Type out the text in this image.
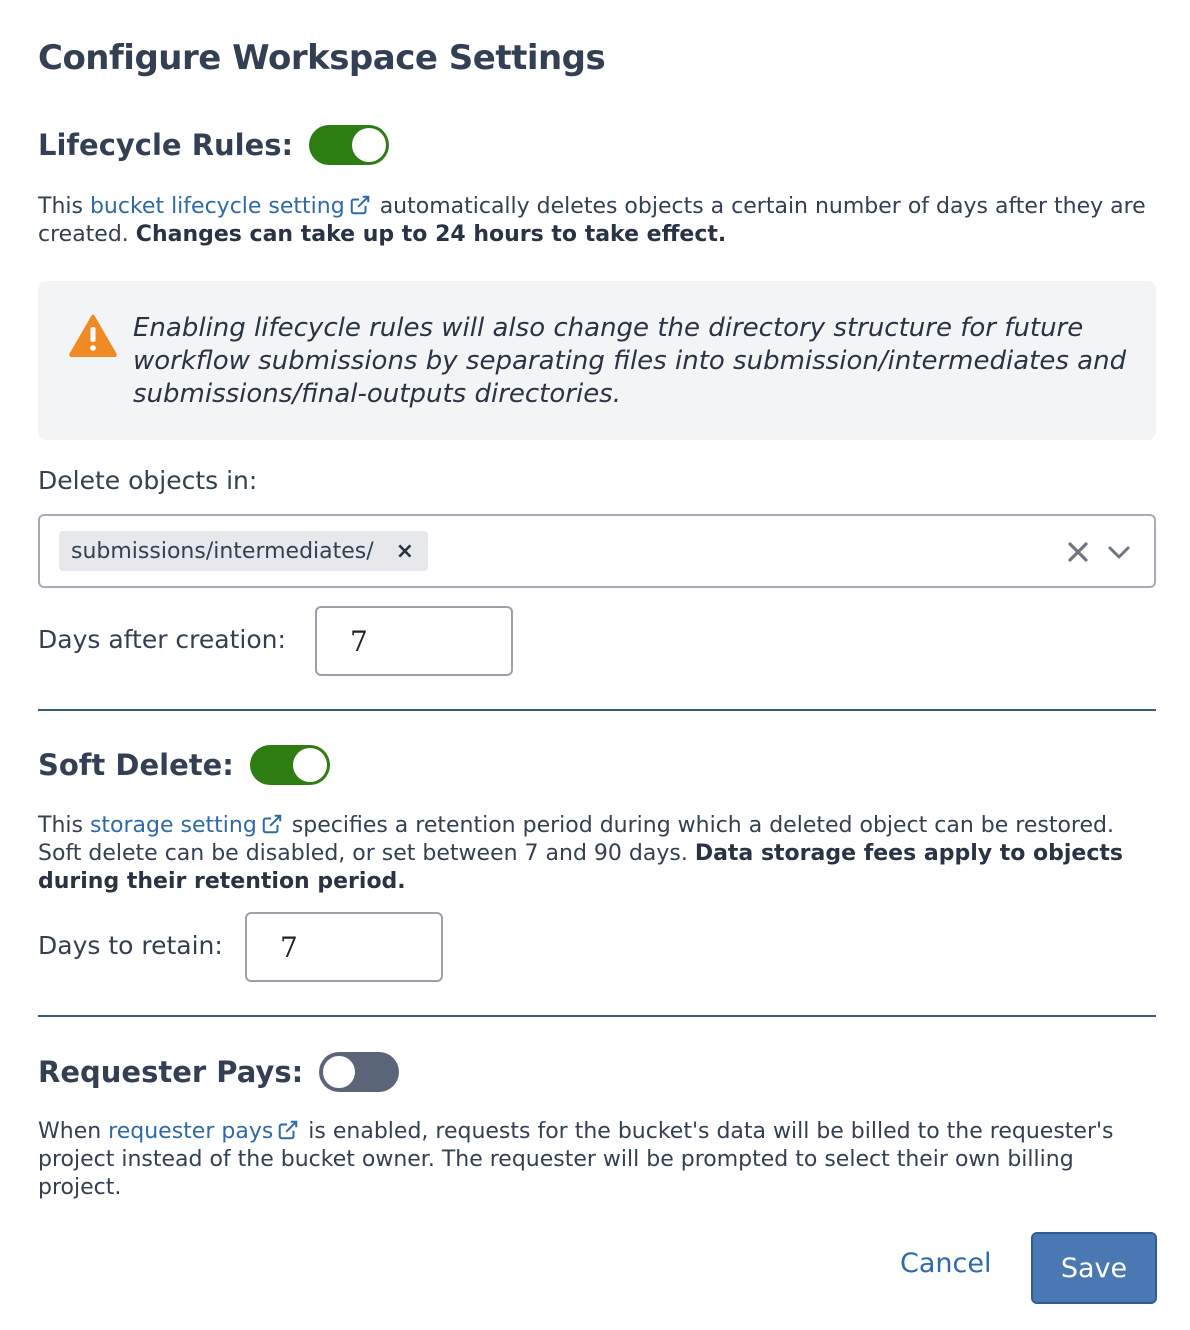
Configure Workspace Settings
Lifecycle Rules:
This bucket lifecycle setting automatically deletes objects a certain number of days after they are created. Changes can take up to 24 hours to take effect.
Enabling lifecycle rules will also change the directory structure for future workflow submissions by separating files into submission/intermediates and submissions/final-outputs directories.
Delete objects in:
submissions/intermediates/ ×
Days after creation:	7
Soft Delete:
This storage setting specifies a retention period during which a deleted object can be restored. Soft delete can be disabled, or set between 7 and 90 days. Data storage fees apply to objects during their retention period.
Days to retain:	7
Requester Pays:
When requester pays is enabled, requests for the bucket's data will be billed to the requester's project instead of the bucket owner. The requester will be prompted to select their own billing project.
Cancel	Save
